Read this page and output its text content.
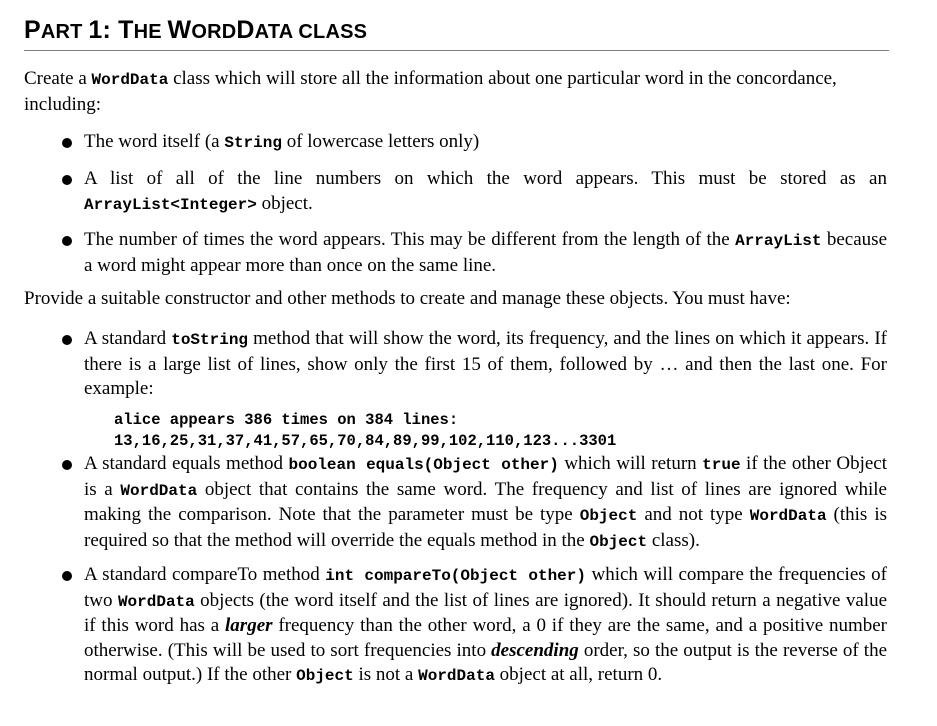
PART 1: THE WORDDATA CLASS

Create a WordData class which will store all the information about one particular word in the concordance, including:

The word itself (a String of lowercase letters only)

A list of all of the line numbers on which the word appears. This must be stored as an ArrayList<Integer> object.

The number of times the word appears. This may be different from the length of the ArrayList because a word might appear more than once on the same line.

Provide a suitable constructor and other methods to create and manage these objects. You must have:

A standard toString method that will show the word, its frequency, and the lines on which it appears. If there is a large list of lines, show only the first 15 of them, followed by … and then the last one. For example:

alice appears 386 times on 384 lines:
13,16,25,31,37,41,57,65,70,84,89,99,102,110,123...3301

A standard equals method boolean equals(Object other) which will return true if the other Object is a WordData object that contains the same word. The frequency and list of lines are ignored while making the comparison. Note that the parameter must be type Object and not type WordData (this is required so that the method will override the equals method in the Object class).

A standard compareTo method int compareTo(Object other) which will compare the frequencies of two WordData objects (the word itself and the list of lines are ignored). It should return a negative value if this word has a larger frequency than the other word, a 0 if they are the same, and a positive number otherwise. (This will be used to sort frequencies into descending order, so the output is the reverse of the normal output.) If the other Object is not a WordData object at all, return 0.
